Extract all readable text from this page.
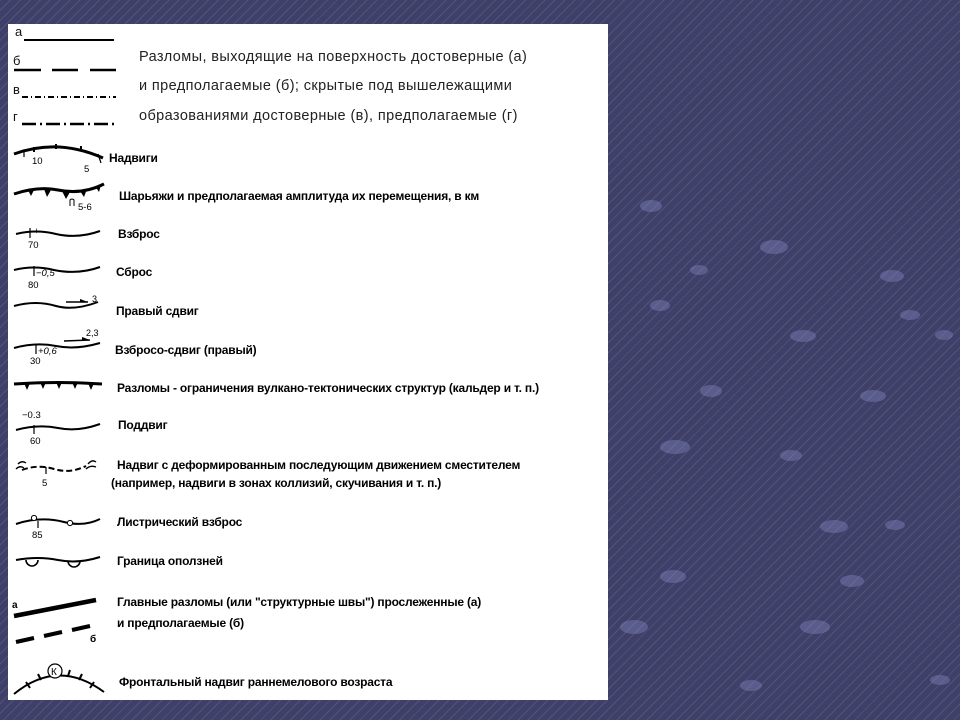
а
б
в
г
Разломы, выходящие на поверхность достоверные (а)
и предполагаемые (б); скрытые под вышележащими
образованиями достоверные (в), предполагаемые (г)
10
5
Надвиги
5-6
Шарьяжи и предполагаемая амплитуда их перемещения, в км
+
70
Взброс
−0,5
80
Сброс
3
Правый сдвиг
2,3
+0,6
30
Взбросо-сдвиг (правый)
Разломы - ограничения вулкано-тектонических структур (кальдер и т. п.)
−0.3
60
Поддвиг
5
Надвиг с деформированным последующим движением сместителем
(например, надвиги в зонах коллизий, скучивания и т. п.)
85
Листрический взброс
Граница оползней
а
б
Главные разломы (или "структурные швы") прослеженные (а)
и предполагаемые (б)
К
Фронтальный надвиг раннемелового возраста
